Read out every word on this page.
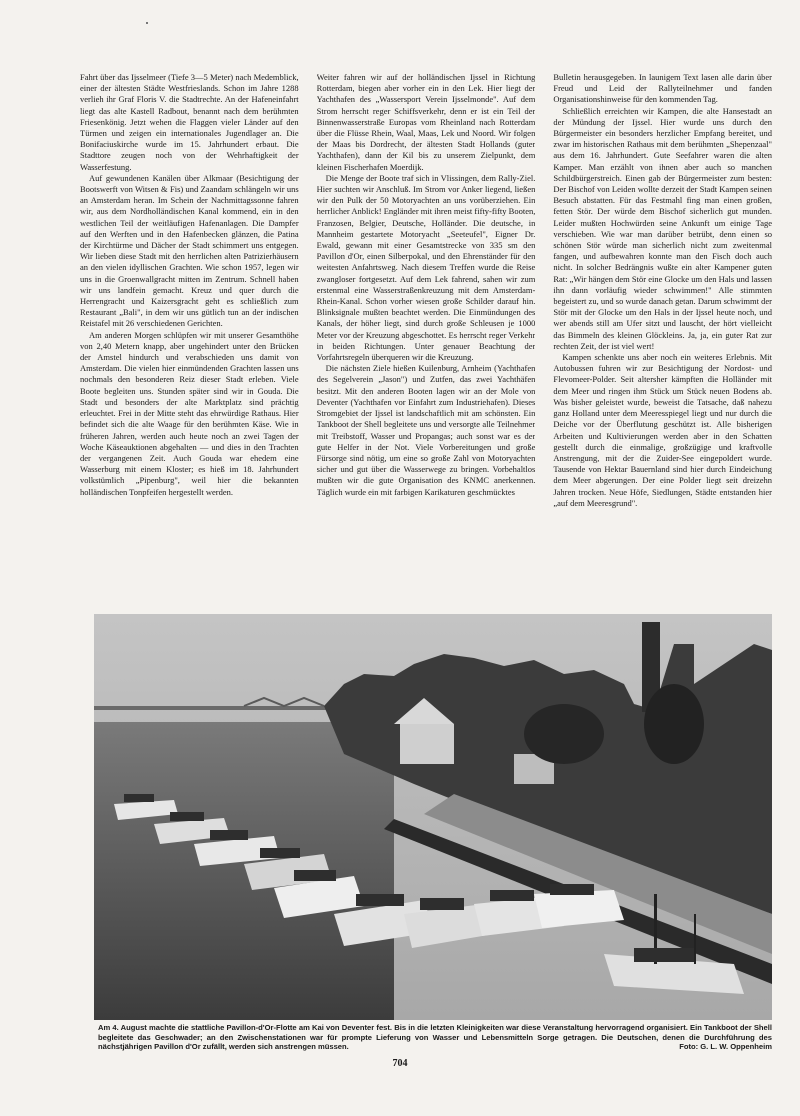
Fahrt über das Ijsselmeer (Tiefe 3—5 Meter) nach Medemblick, einer der ältesten Städte Westfrieslands. Schon im Jahre 1288 verlieh ihr Graf Floris V. die Stadtrechte. An der Hafeneinfahrt liegt das alte Kastell Radbout, benannt nach dem berühmten Friesenkönig. Jetzt wehen die Flaggen vieler Länder auf den Türmen und zeigen ein internationales Jugendlager an. Die Bonifaciuskirche wurde im 15. Jahrhundert erbaut. Die Stadttore zeugen noch von der Wehrhaftigkeit der Wasserfestung.

Auf gewundenen Kanälen über Alkmaar (Besichtigung der Bootswerft von Witsen & Fis) und Zaandam schlängeln wir uns an Amsterdam heran. Im Schein der Nachmittagssonne fahren wir, aus dem Nordholländischen Kanal kommend, ein in den westlichen Teil der weitläufigen Hafenanlagen. Die Dampfer auf den Werften und in den Hafenbecken glänzen, die Patina der Kirchtürme und Dächer der Stadt schimmert uns entgegen. Wir lieben diese Stadt mit den herrlichen alten Patrizierhäusern an den vielen idyllischen Grachten. Wie schon 1957, legen wir uns in die Groenwallgracht mitten im Zentrum. Schnell haben wir uns landfein gemacht. Kreuz und quer durch die Herrengracht und Kaizersgracht geht es schließlich zum Restaurant „Bali", in dem wir uns gütlich tun an der indischen Reistafel mit 26 verschiedenen Gerichten.

Am anderen Morgen schlüpfen wir mit unserer Gesamthöhe von 2,40 Metern knapp, aber ungehindert unter den Brücken der Amstel hindurch und verabschieden uns damit von Amsterdam. Die vielen hier einmündenden Grachten lassen uns nochmals den besonderen Reiz dieser Stadt erleben. Viele Boote begleiten uns. Stunden später sind wir in Gouda. Die Stadt und besonders der alte Marktplatz sind prächtig erleuchtet. Frei in der Mitte steht das ehrwürdige Rathaus. Hier befindet sich die alte Waage für den berühmten Käse. Wie in früheren Jahren, werden auch heute noch an zwei Tagen der Woche Käseauktionen abgehalten — und dies in den Trachten der vergangenen Zeit. Auch Gouda war ehedem eine Wasserburg mit einem Kloster; es hieß im 18. Jahrhundert volkstümlich „Pipenburg", weil hier die bekannten holländischen Tonpfeifen hergestellt werden.

Weiter fahren wir auf der holländischen Ijssel in Richtung Rotterdam, biegen aber vorher ein in den Lek. Hier liegt der Yachthafen des „Wassersport Verein Ijsselmonde". Auf dem Strom herrscht reger Schiffsverkehr, denn er ist ein Teil der Binnenwasserstraße Europas vom Rheinland nach Rotterdam über die Flüsse Rhein, Waal, Maas, Lek und Noord. Wir folgen der Maas bis Dordrecht, der ältesten Stadt Hollands (guter Yachthafen), dann der Kil bis zu unserem Zielpunkt, dem kleinen Fischerhafen Moerdijk.

Die Menge der Boote traf sich in Vlissingen, dem Rally-Ziel. Hier suchten wir Anschluß. Im Strom vor Anker liegend, ließen wir den Pulk der 50 Motoryachten an uns vorüberziehen. Ein herrlicher Anblick! Engländer mit ihren meist fifty-fifty Booten, Franzosen, Belgier, Deutsche, Holländer. Die deutsche, in Mannheim gestartete Motoryacht „Seeteufel", Eigner Dr. Ewald, gewann mit einer Gesamtstrecke von 335 sm den Pavillon d'Or, einen Silberpokal, und den Ehrenständer für den weitesten Anfahrtsweg. Nach diesem Treffen wurde die Reise zwangloser fortgesetzt. Auf dem Lek fahrend, sahen wir zum erstenmal eine Wasserstraßenkreuzung mit dem Amsterdam-Rhein-Kanal. Schon vorher wiesen große Schilder darauf hin. Blinksignale mußten beachtet werden. Die Einmündungen des Kanals, der höher liegt, sind durch große Schleusen je 1000 Meter vor der Kreuzung abgeschottet. Es herrscht reger Verkehr in beiden Richtungen. Unter genauer Beachtung der Vorfahrtsregeln überqueren wir die Kreuzung.

Die nächsten Ziele hießen Kuilenburg, Arnheim (Yachthafen des Segelverein „Jason") und Zutfen, das zwei Yachthäfen besitzt. Mit den anderen Booten lagen wir an der Mole von Deventer (Yachthafen vor Einfahrt zum Industriehafen). Dieses Stromgebiet der Ijssel ist landschaftlich mit am schönsten. Ein Tankboot der Shell begleitete uns und versorgte alle Teilnehmer mit Treibstoff, Wasser und Propangas; auch sonst war es der gute Helfer in der Not. Viele Vorbereitungen und große Fürsorge sind nötig, um eine so große Zahl von Motoryachten sicher und gut über die Wasserwege zu bringen. Vorbehaltlos mußten wir die gute Organisation des KNMC anerkennen. Täglich wurde ein mit farbigen Karikaturen geschmücktes

Bulletin herausgegeben. In launigem Text lasen alle darin über Freud und Leid der Rallyteilnehmer und fanden Organisationshinweise für den kommenden Tag.

Schließlich erreichten wir Kampen, die alte Hansestadt an der Mündung der Ijssel. Hier wurde uns durch den Bürgermeister ein besonders herzlicher Empfang bereitet, und zwar im historischen Rathaus mit dem berühmten „Shepenzaal" aus dem 16. Jahrhundert. Gute Seefahrer waren die alten Kamper. Man erzählt von ihnen aber auch so manchen Schildbürgerstreich. Einen gab der Bürgermeister zum besten: Der Bischof von Leiden wollte derzeit der Stadt Kampen seinen Besuch abstatten. Für das Festmahl fing man einen großen, fetten Stör. Der würde dem Bischof sicherlich gut munden. Leider mußten Hochwürden seine Ankunft um einige Tage verschieben. Wie war man darüber betrübt, denn einen so schönen Stör würde man sicherlich nicht zum zweitenmal fangen, und aufbewahren konnte man den Fisch doch auch nicht. In solcher Bedrängnis wußte ein alter Kampener guten Rat: „Wir hängen dem Stör eine Glocke um den Hals und lassen ihn dann vorläufig wieder schwimmen!" Alle stimmten begeistert zu, und so wurde danach getan. Darum schwimmt der Stör mit der Glocke um den Hals in der Ijssel heute noch, und wer abends still am Ufer sitzt und lauscht, der hört vielleicht das Bimmeln des kleinen Glöckleins. Ja, ja, ein guter Rat zur rechten Zeit, der ist viel wert!

Kampen schenkte uns aber noch ein weiteres Erlebnis. Mit Autobussen fuhren wir zur Besichtigung der Nordost- und Flevomeer-Polder. Seit altersher kämpften die Holländer mit dem Meer und ringen ihm Stück um Stück neuen Bodens ab. Was bisher geleistet wurde, beweist die Tatsache, daß nahezu ganz Holland unter dem Meeresspiegel liegt und nur durch die Deiche vor der Überflutung geschützt ist. Alle bisherigen Arbeiten und Kultivierungen werden aber in den Schatten gestellt durch die einmalige, großzügige und kraftvolle Anstrengung, mit der die Zuider-See eingepoldert wurde. Tausende von Hektar Bauernland sind hier durch Eindeichung dem Meer abgerungen. Der eine Polder liegt seit dreizehn Jahren trocken. Neue Höfe, Siedlungen, Städte entstanden hier „auf dem Meeresgrund".

Am 4. August machte die stattliche Pavillon-d'Or-Flotte am Kai von Deventer fest. Bis in die letzten Kleinigkeiten war diese Veranstaltung hervorragend organisiert. Ein Tankboot der Shell begleitete das Geschwader; an den Zwischenstationen war für prompte Lieferung von Wasser und Lebensmitteln Sorge getragen. Die Deutschen, denen die Durchführung des nächstjährigen Pavillon d'Or zufällt, werden sich anstrengen müssen.	Foto: G. L. W. Oppenheim
704
